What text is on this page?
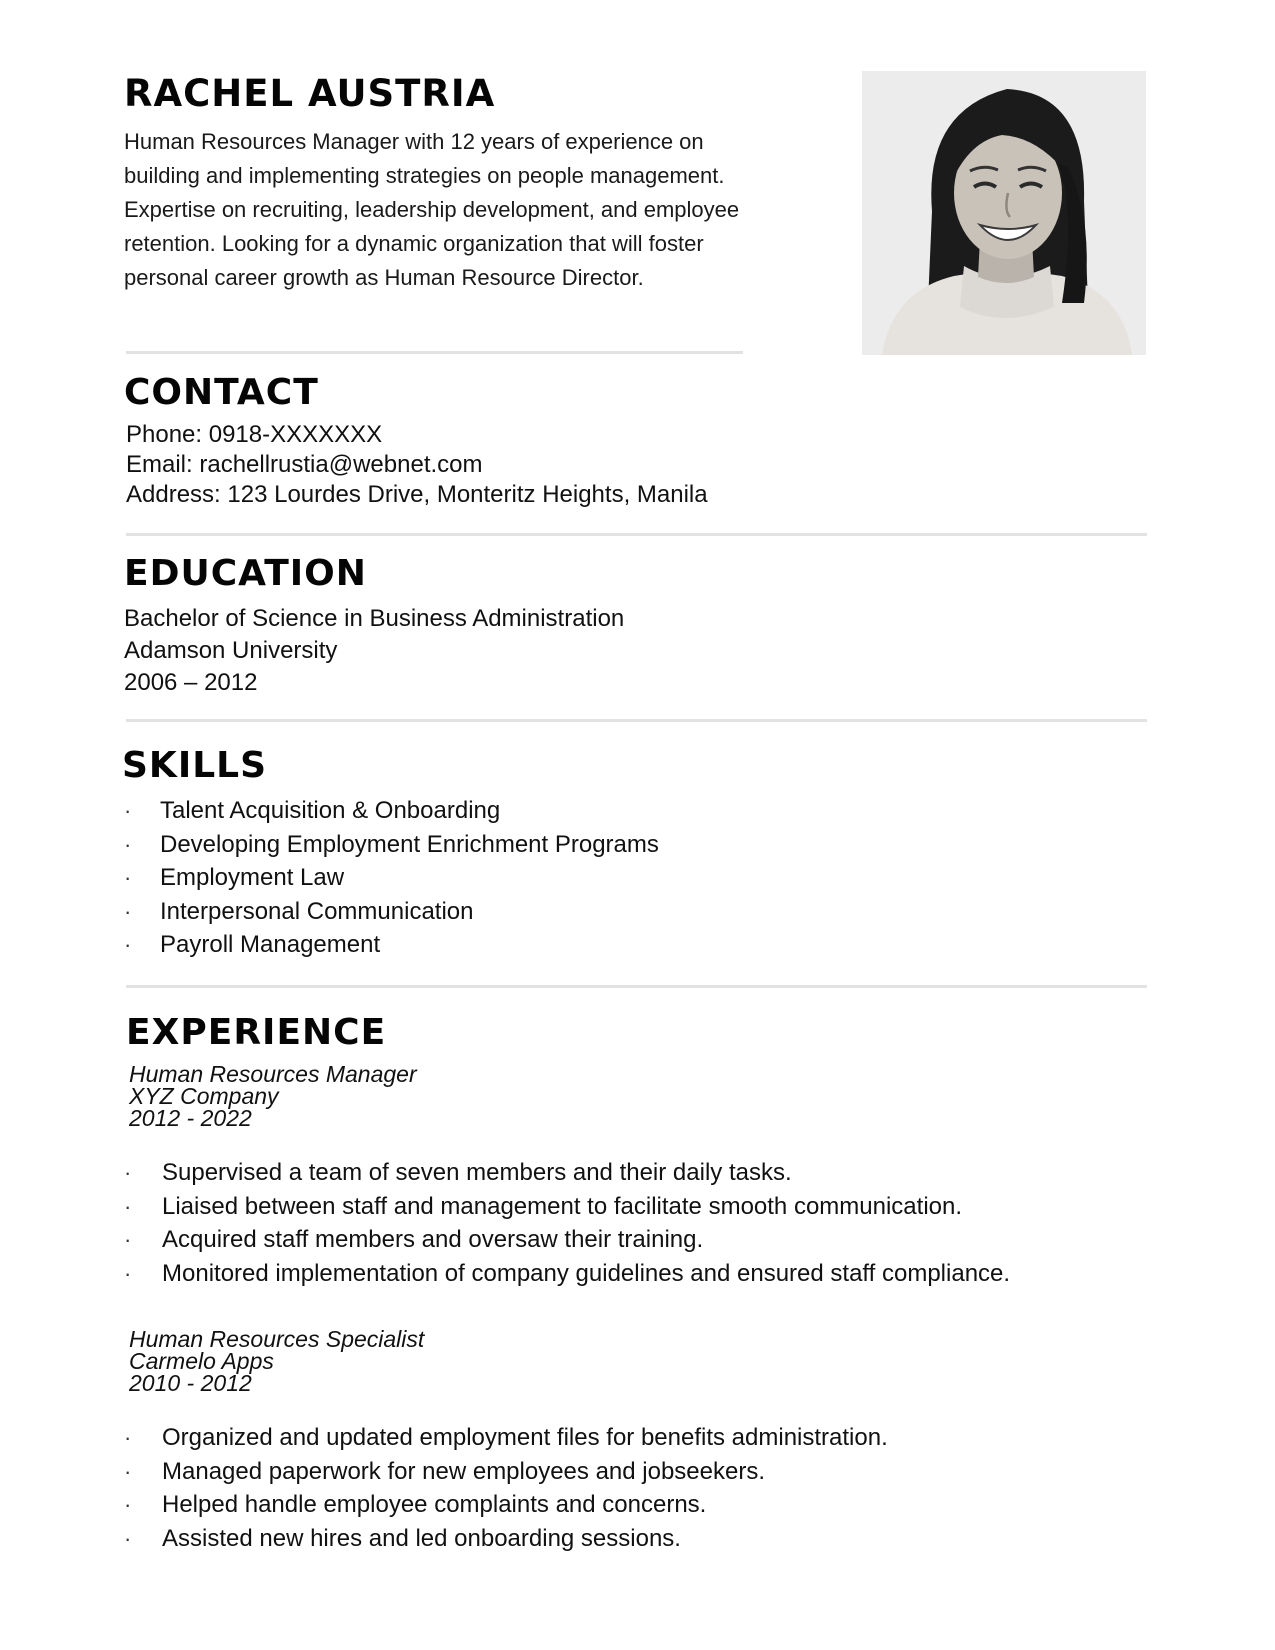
RACHEL AUSTRIA

Human Resources Manager with 12 years of experience on building and implementing strategies on people management. Expertise on recruiting, leadership development, and employee retention. Looking for a dynamic organization that will foster personal career growth as Human Resource Director.

CONTACT
Phone: 0918-XXXXXXX
Email: rachellrustia@webnet.com
Address: 123 Lourdes Drive, Monteritz Heights, Manila
EDUCATION
Bachelor of Science in Business Administration
Adamson University
2006 – 2012
SKILLS
· Talent Acquisition & Onboarding
· Developing Employment Enrichment Programs
· Employment Law
· Interpersonal Communication
· Payroll Management
EXPERIENCE
Human Resources Manager
XYZ Company
2012 - 2022
· Supervised a team of seven members and their daily tasks.
· Liaised between staff and management to facilitate smooth communication.
· Acquired staff members and oversaw their training.
· Monitored implementation of company guidelines and ensured staff compliance.
Human Resources Specialist
Carmelo Apps
2010 - 2012
· Organized and updated employment files for benefits administration.
· Managed paperwork for new employees and jobseekers.
· Helped handle employee complaints and concerns.
· Assisted new hires and led onboarding sessions.
